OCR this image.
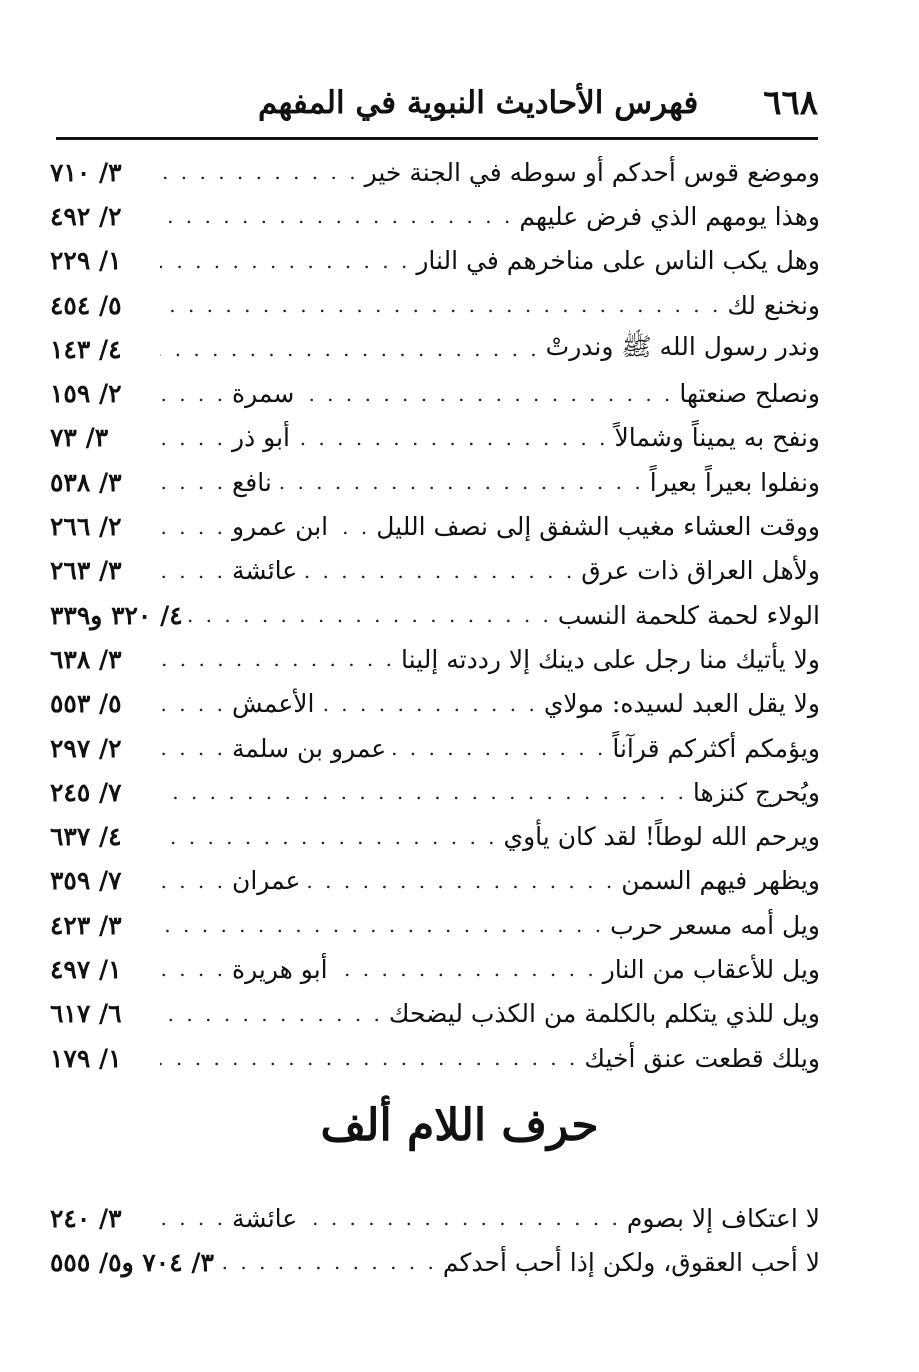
٦٦٨
فهرس الأحاديث النبوية في المفهم
وموضع قوس أحدكم أو سوطه في الجنة خير
. . .
٣/ ٧١٠
وهذا يومهم الذي فرض عليهم
. . .
٢/ ٤٩٢
وهل يكب الناس على مناخرهم في النار
. . .
١/ ٢٢٩
ونخنع لك
. . .
٥/ ٤٥٤
وندر رسول الله ﷺ وندرتْ
. . .
٤/ ١٤٣
ونصلح صنعتها
. . .
سمرة
. . .
٢/ ١٥٩
ونفح به يميناً وشمالاً
. . .
أبو ذر
. . .
٣/ ٧٣
ونفلوا بعيراً بعيراً
. . .
نافع
. . .
٣/ ٥٣٨
ووقت العشاء مغيب الشفق إلى نصف الليل
. . .
ابن عمرو
. . .
٢/ ٢٦٦
ولأهل العراق ذات عرق
. . .
عائشة
. . .
٣/ ٢٦٣
الولاء لحمة كلحمة النسب
. . .
٤/ ٣٢٠ و٣٣٩
ولا يأتيك منا رجل على دينك إلا رددته إلينا
. . .
٣/ ٦٣٨
ولا يقل العبد لسيده: مولاي
. . .
الأعمش
. . .
٥/ ٥٥٣
ويؤمكم أكثركم قرآناً
. . .
عمرو بن سلمة
. . .
٢/ ٢٩٧
ويُحرج كنزها
. . .
٧/ ٢٤٥
ويرحم الله لوطاً! لقد كان يأوي
. . .
٤/ ٦٣٧
ويظهر فيهم السمن
. . .
عمران
. . .
٧/ ٣٥٩
ويل أمه مسعر حرب
. . .
٣/ ٤٢٣
ويل للأعقاب من النار
. . .
أبو هريرة
. . .
١/ ٤٩٧
ويل للذي يتكلم بالكلمة من الكذب ليضحك
. . .
٦/ ٦١٧
ويلك قطعت عنق أخيك
. . .
١/ ١٧٩
حرف اللام ألف
لا اعتكاف إلا بصوم
. . .
عائشة
. . .
٣/ ٢٤٠
لا أحب العقوق، ولكن إذا أحب أحدكم
. . .
٣/ ٧٠٤ و٥/ ٥٥٥
